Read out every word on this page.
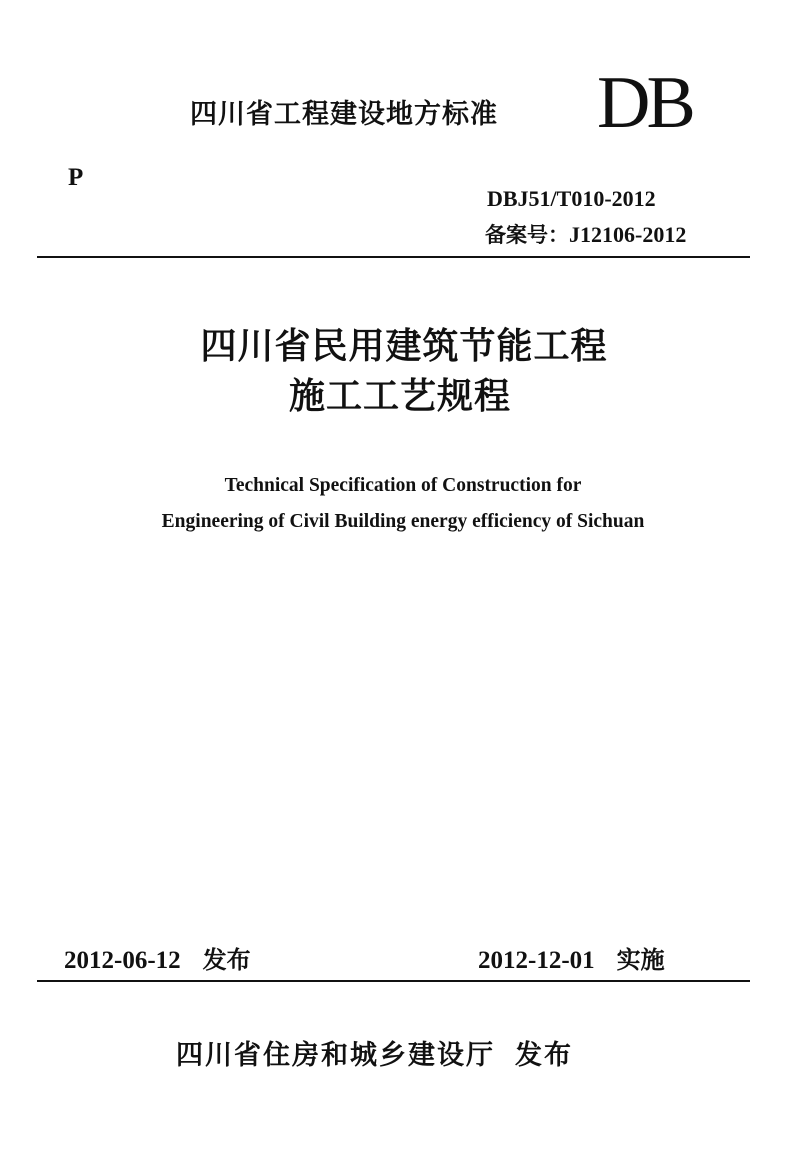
四川省工程建设地方标准 DB
P
DBJ51/T010-2012
备案号：J12106-2012
四川省民用建筑节能工程
施工工艺规程
Technical Specification of Construction for
Engineering of Civil Building energy efficiency of Sichuan
2012-06-12 发布	2012-12-01 实施
四川省住房和城乡建设厅 发布
